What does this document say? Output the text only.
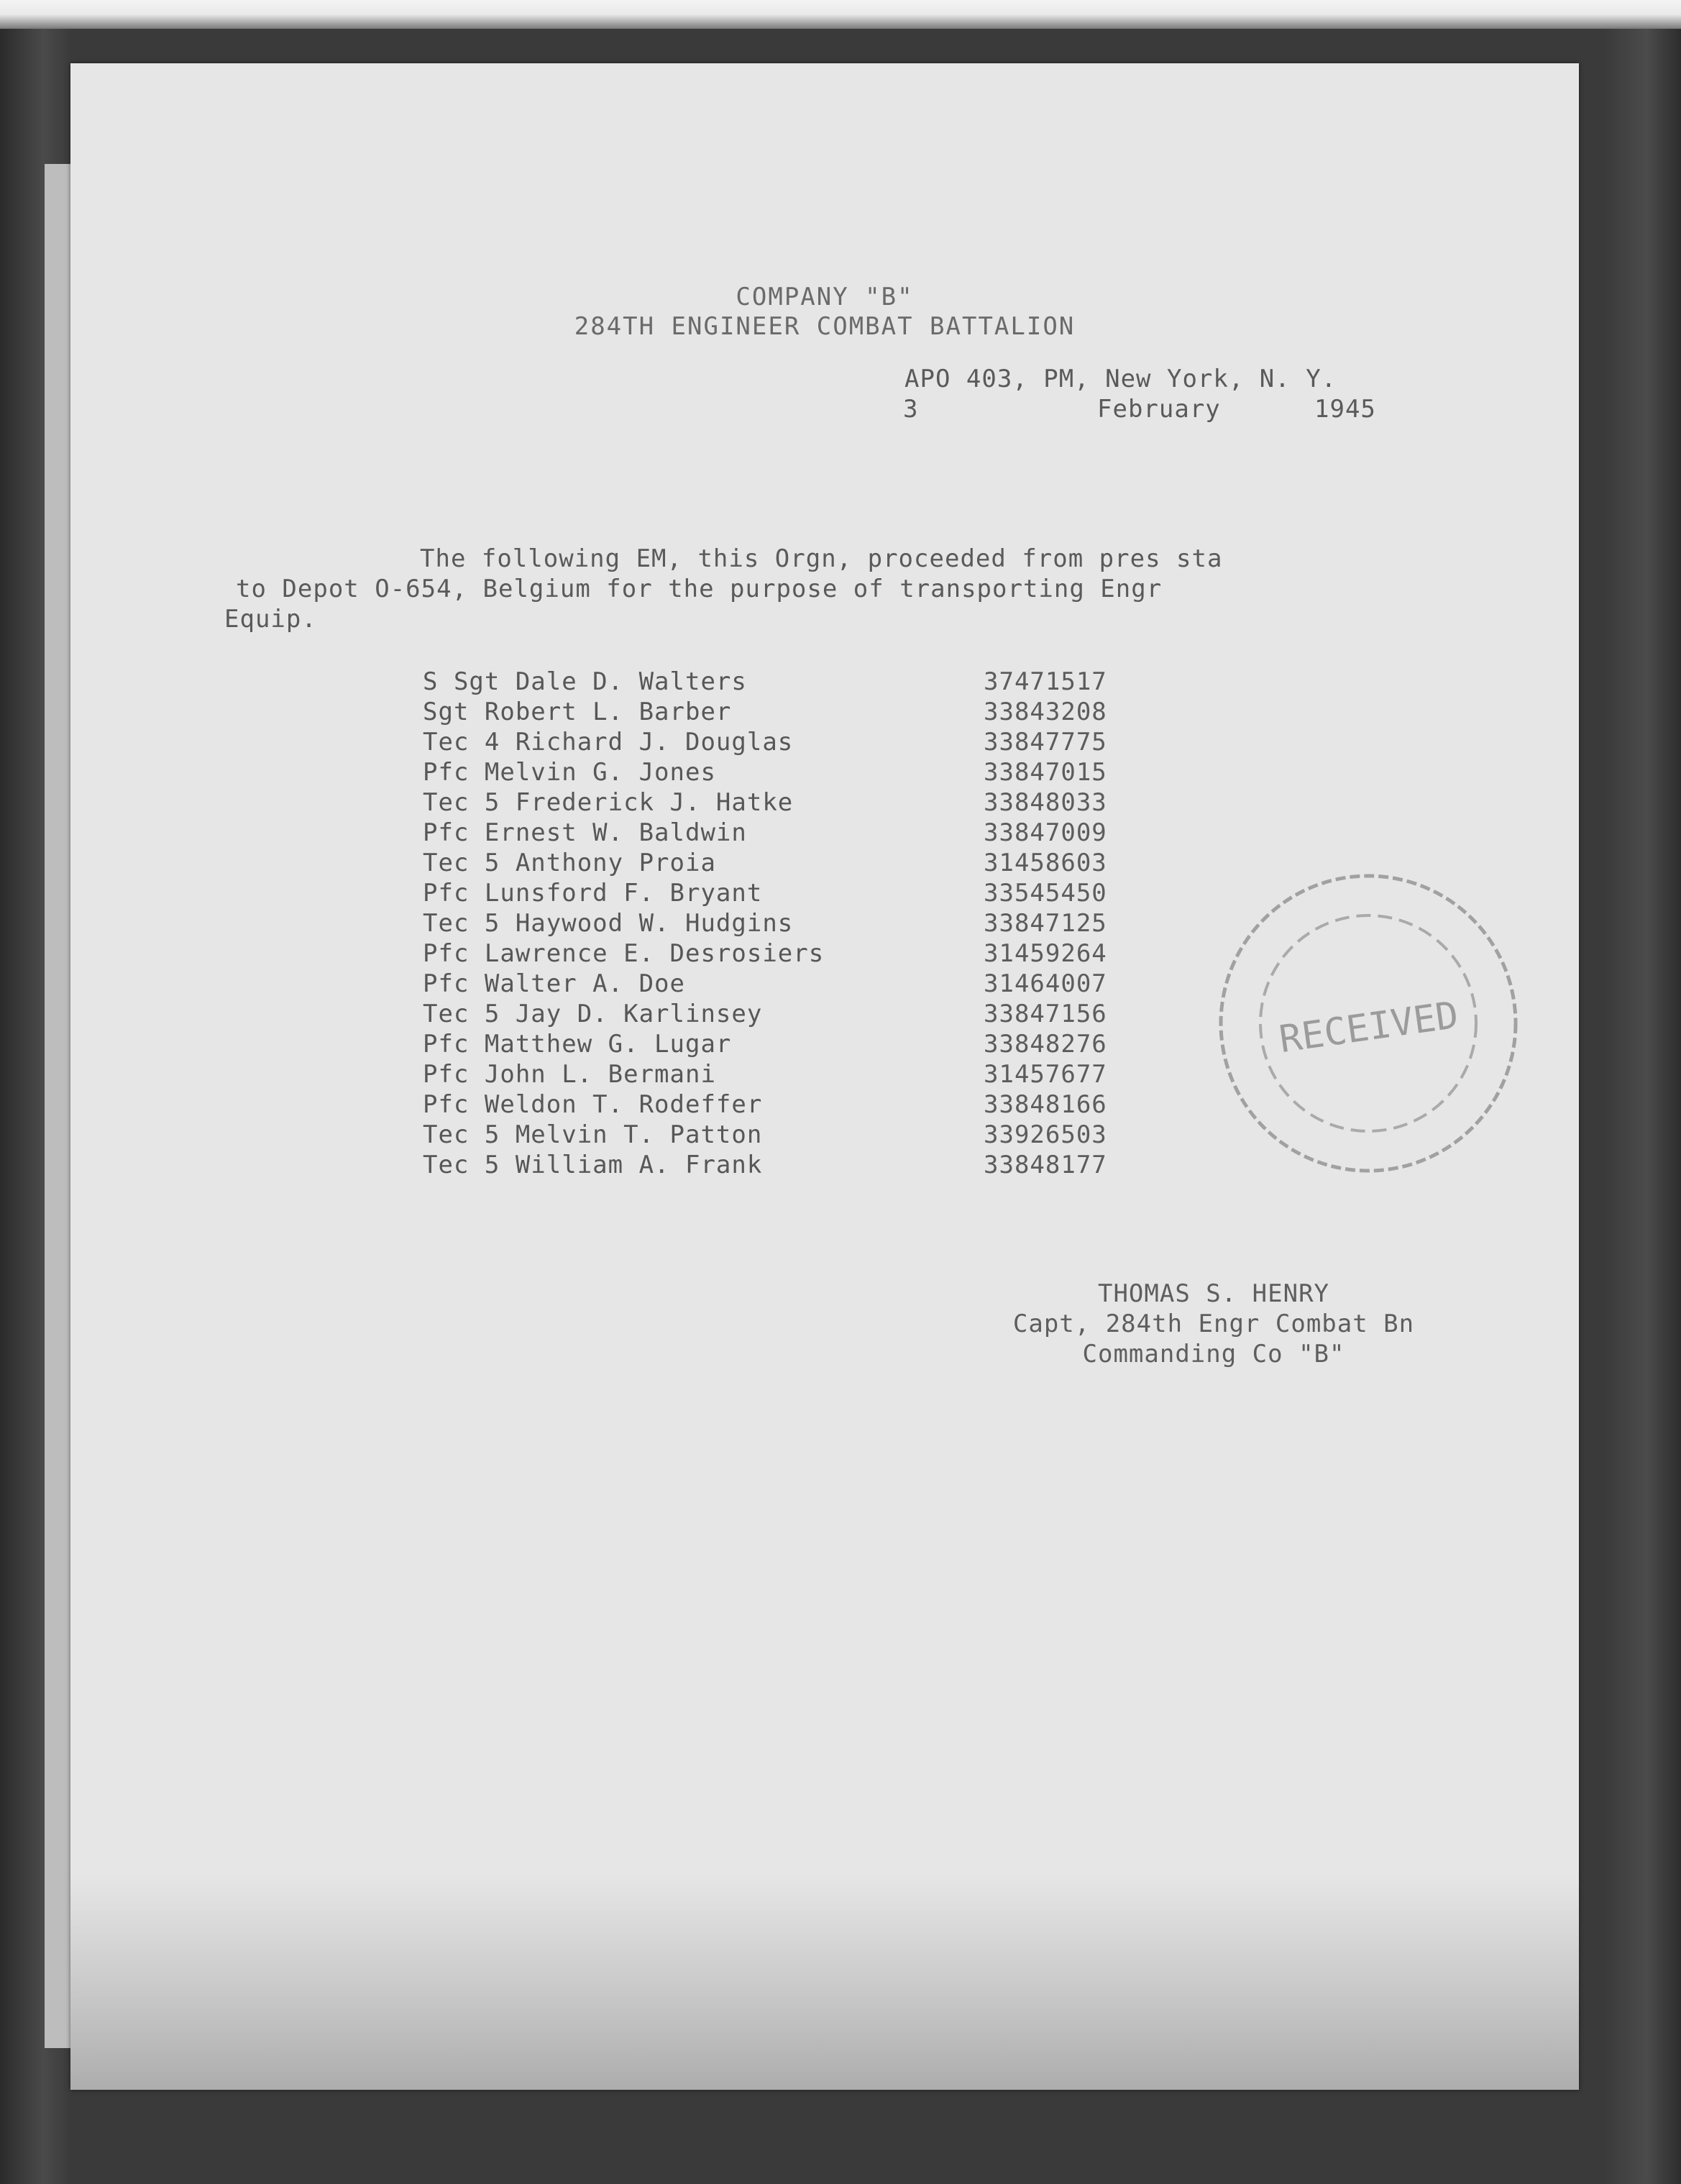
COMPANY "B"
284TH ENGINEER COMBAT BATTALION
APO 403, PM, New York, N. Y.
3	February	1945
The following EM, this Orgn, proceeded from pres sta
to Depot O-654, Belgium for the purpose of transporting Engr
Equip.
S Sgt Dale D. Walters	37471517
Sgt Robert L. Barber	33843208
Tec 4 Richard J. Douglas	33847775
Pfc Melvin G. Jones	33847015
Tec 5 Frederick J. Hatke	33848033
Pfc Ernest W. Baldwin	33847009
Tec 5 Anthony Proia	31458603
Pfc Lunsford F. Bryant	33545450
Tec 5 Haywood W. Hudgins	33847125
Pfc Lawrence E. Desrosiers	31459264
Pfc Walter A. Doe	31464007
Tec 5 Jay D. Karlinsey	33847156
Pfc Matthew G. Lugar	33848276
Pfc John L. Bermani	31457677
Pfc Weldon T. Rodeffer	33848166
Tec 5 Melvin T. Patton	33926503
Tec 5 William A. Frank	33848177
RECEIVED
THOMAS S. HENRY
Capt, 284th Engr Combat Bn
Commanding Co "B"
